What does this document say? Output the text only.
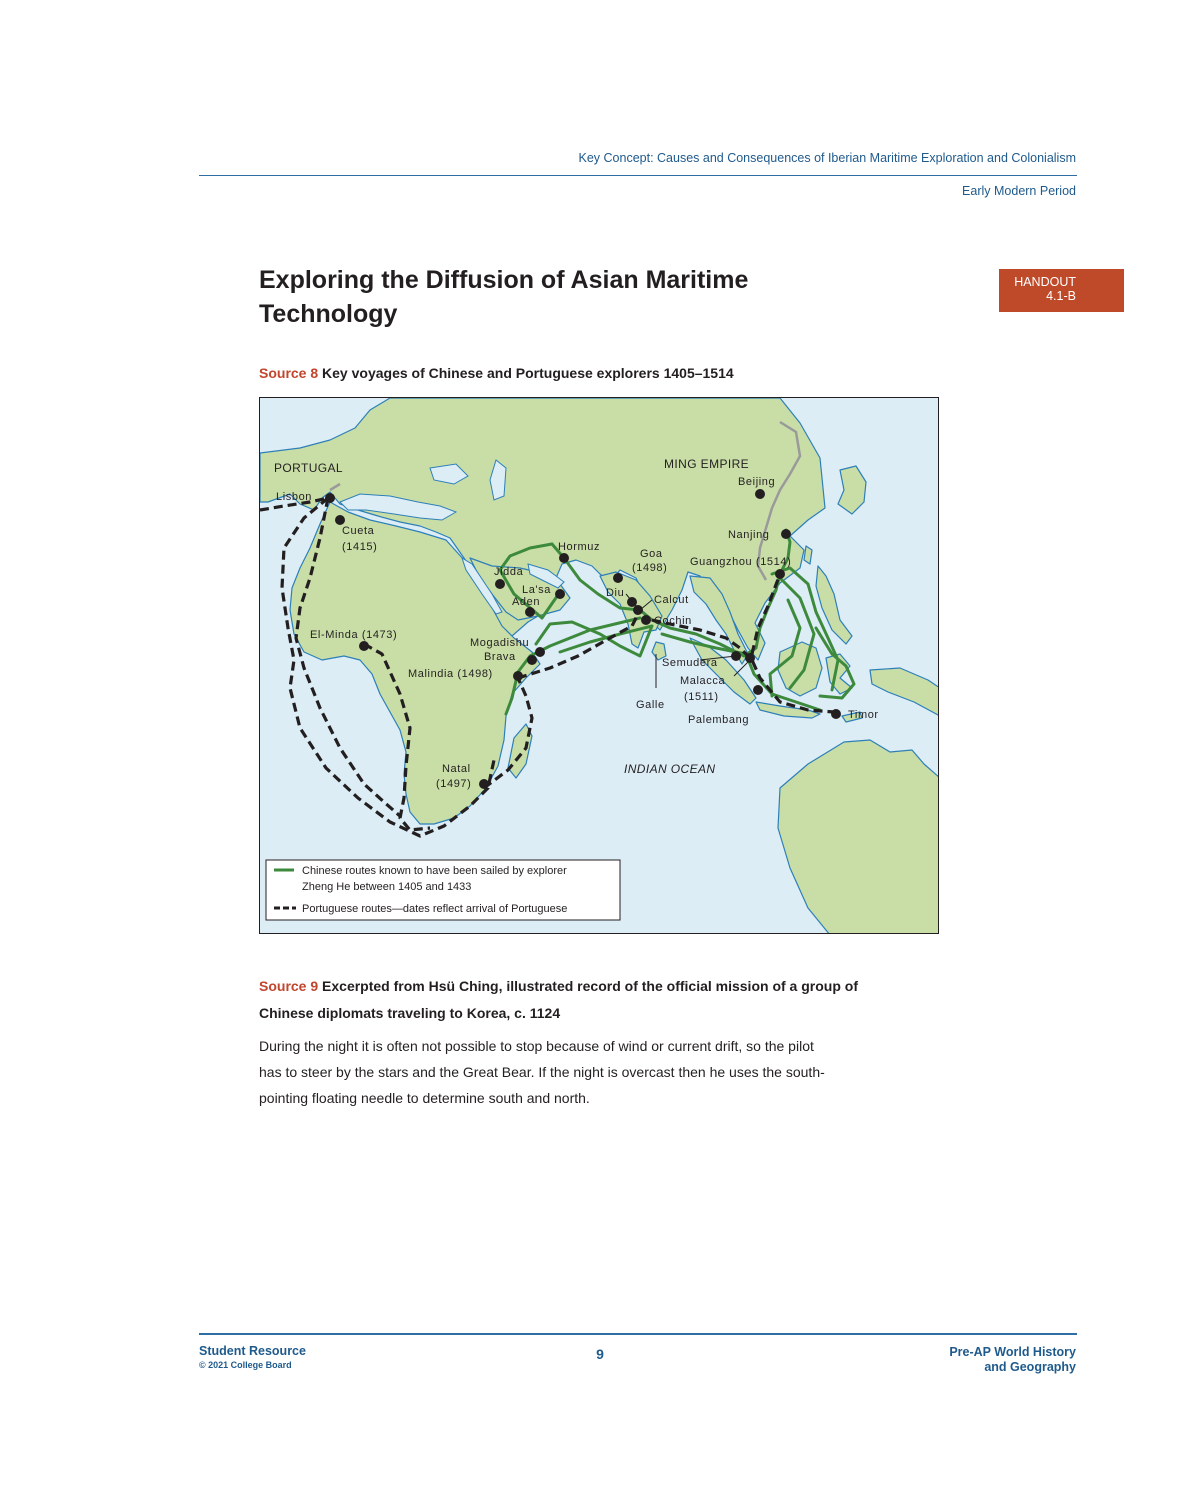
Key Concept: Causes and Consequences of Iberian Maritime Exploration and Colonialism
Early Modern Period
Exploring the Diffusion of Asian Maritime
Technology
HANDOUT
4.1-B
Source 8 Key voyages of Chinese and Portuguese explorers 1405–1514
PORTUGAL	MING EMPIRE
INDIAN OCEAN
Lisbon
Cueta
(1415)
El-Minda (1473)
Jidda
La'sa
Aden
Hormuz
Goa
(1498)
Diu
Calcut
Cochin
Mogadishu
Brava
Malindia (1498)
Natal
(1497)
Galle
Semudera
Malacca
(1511)
Palembang	Timor
Beijing
Nanjing
Guangzhou (1514)
Chinese routes known to have been sailed by explorer
Zheng He between 1405 and 1433
Portuguese routes—dates reflect arrival of Portuguese
Source 9 Excerpted from Hsü Ching, illustrated record of the official mission of a group of
Chinese diplomats traveling to Korea, c. 1124
During the night it is often not possible to stop because of wind or current drift, so the pilot
has to steer by the stars and the Great Bear. If the night is overcast then he uses the south-
pointing floating needle to determine south and north.
Student Resource
© 2021 College Board
9	Pre-AP World History
and Geography
